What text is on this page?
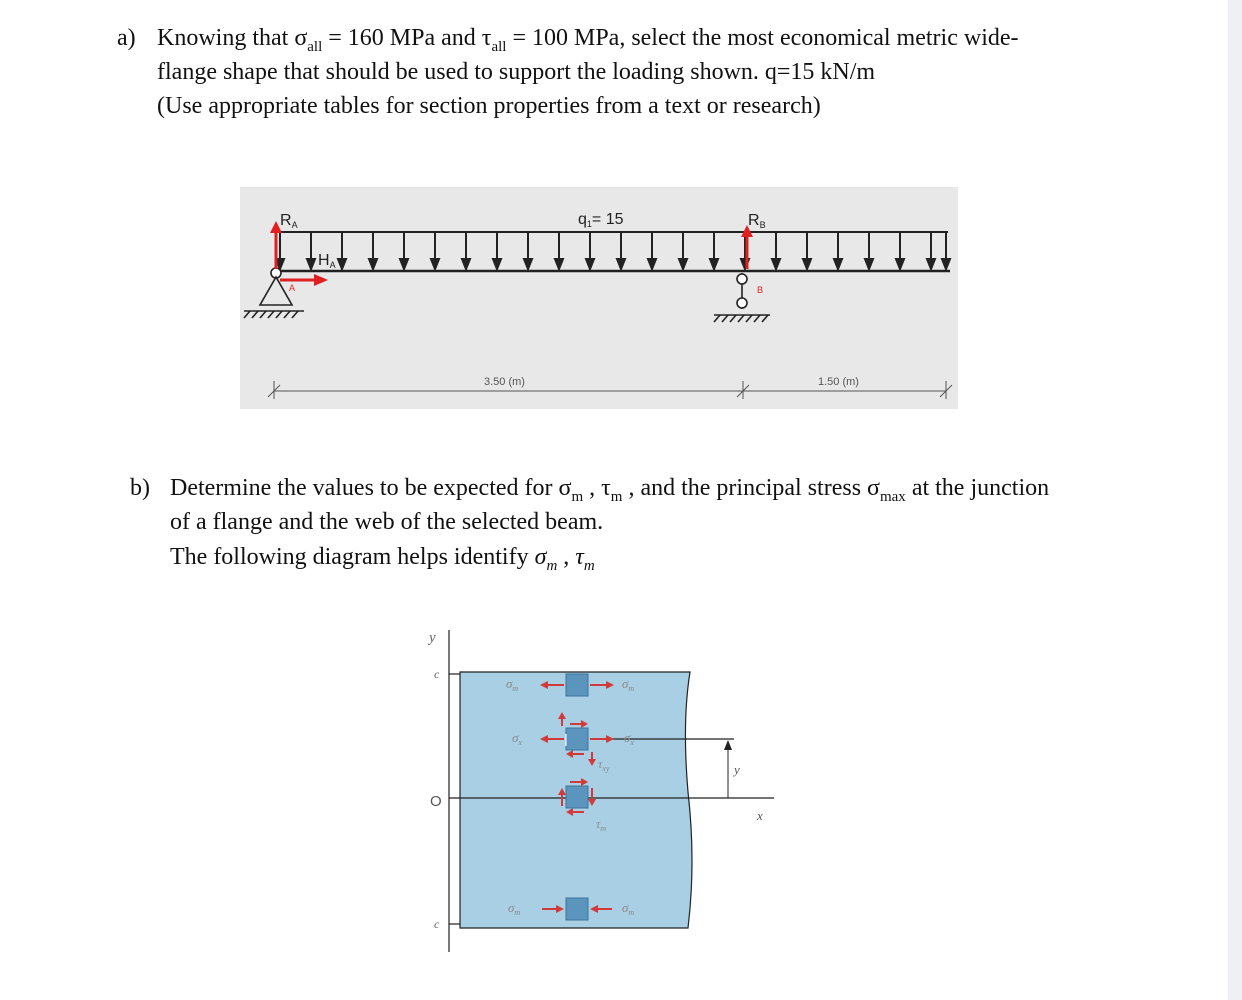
a) Knowing that $\sigma_{all} = 160$ MPa and $\tau_{all} = 100$ MPa, select the most economical metric wide-
flange shape that should be used to support the loading shown. q=15 kN/m
(Use appropriate tables for section properties from a text or research)
A
RA
HA
q1= 15
B
RB
3.50 (m)	1.50 (m)
b) Determine the values to be expected for $\sigma_m$ , $\tau_m$ , and the principal stress $\sigma_{max}$ at the junction
of a flange and the web of the selected beam.
The following diagram helps identify $\sigma_m$ , $\tau_m$
y
c
c
O
x
y
$\sigma_m$	$\sigma_m$
$\sigma_x$	$\sigma_x$
$\tau_{xy}$
$\tau_m$
$\sigma_m$	$\sigma_m$
